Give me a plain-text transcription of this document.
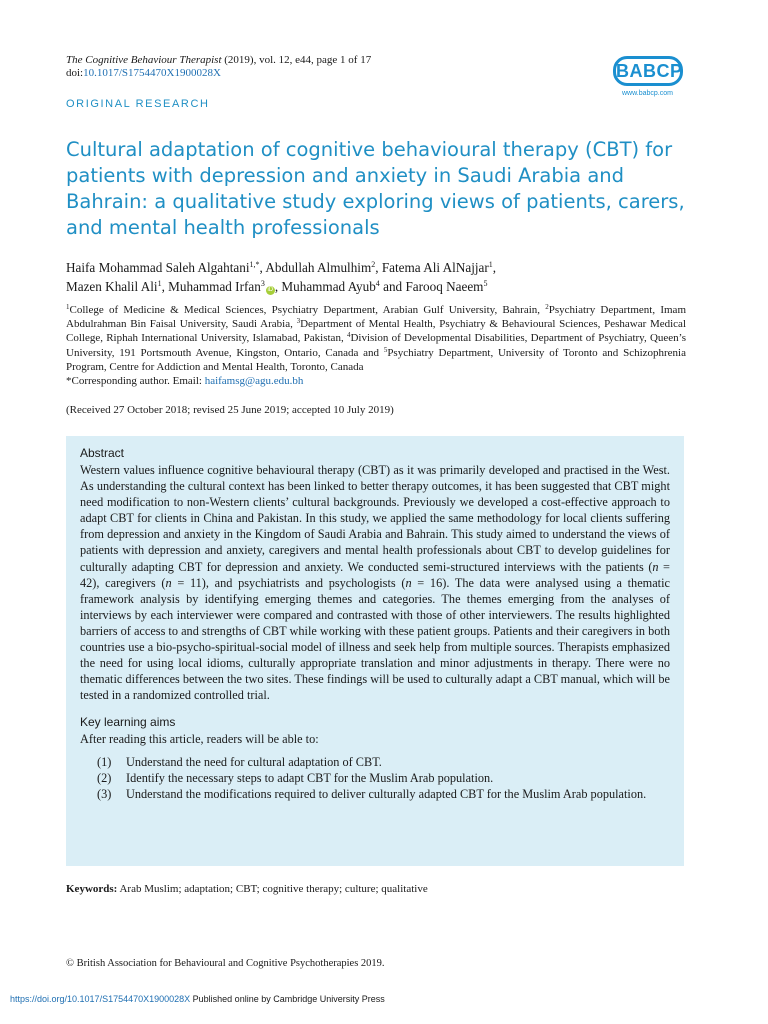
The Cognitive Behaviour Therapist (2019), vol. 12, e44, page 1 of 17
doi:10.1017/S1754470X1900028X	BABCP
www.babcp.com
ORIGINAL RESEARCH
Cultural adaptation of cognitive behavioural therapy (CBT) for patients with depression and anxiety in Saudi Arabia and Bahrain: a qualitative study exploring views of patients, carers, and mental health professionals
Haifa Mohammad Saleh Algahtani$^{1,*}$, Abdullah Almulhim$^2$, Fatema Ali AlNajjar$^1$,
Mazen Khalil Ali$^1$, Muhammad Irfan$^3$iD , Muhammad Ayub$^4$ and Farooq Naeem$^5$
$^1$College of Medicine & Medical Sciences, Psychiatry Department, Arabian Gulf University, Bahrain, $^2$Psychiatry Department, Imam Abdulrahman Bin Faisal University, Saudi Arabia, $^3$Department of Mental Health, Psychiatry & Behavioural Sciences, Peshawar Medical College, Riphah International University, Islamabad, Pakistan, $^4$Division of Developmental Disabilities, Department of Psychiatry, Queen’s University, 191 Portsmouth Avenue, Kingston, Ontario, Canada and $^5$Psychiatry Department, University of Toronto and Schizophrenia Program, Centre for Addiction and Mental Health, Toronto, Canada
*Corresponding author. Email: haifamsg@agu.edu.bh
(Received 27 October 2018; revised 25 June 2019; accepted 10 July 2019)
Abstract

Western values influence cognitive behavioural therapy (CBT) as it was primarily developed and practised in the West. As understanding the cultural context has been linked to better therapy outcomes, it has been suggested that CBT might need modification to non-Western clients’ cultural backgrounds. Previously we developed a cost-effective approach to adapt CBT for clients in China and Pakistan. In this study, we applied the same methodology for local clients suffering from depression and anxiety in the Kingdom of Saudi Arabia and Bahrain. This study aimed to understand the views of patients with depression and anxiety, caregivers and mental health professionals about CBT to develop guidelines for culturally adapting CBT for depression and anxiety. We conducted semi-structured interviews with the patients (n = 42), caregivers (n = 11), and psychiatrists and psychologists (n = 16). The data were analysed using a thematic framework analysis by identifying emerging themes and categories. The themes emerging from the analyses of interviews by each interviewer were compared and contrasted with those of other interviewers. The results highlighted barriers of access to and strengths of CBT while working with these patient groups. Patients and their caregivers in both countries use a bio-psycho-spiritual-social model of illness and seek help from multiple sources. Therapists emphasized the need for using local idioms, culturally appropriate translation and minor adjustments in therapy. There were no thematic differences between the two sites. These findings will be used to culturally adapt a CBT manual, which will be tested in a randomized controlled trial.

Key learning aims

After reading this article, readers will be able to:

(1)	Understand the need for cultural adaptation of CBT.
(2)	Identify the necessary steps to adapt CBT for the Muslim Arab population.
(3)	Understand the modifications required to deliver culturally adapted CBT for the Muslim Arab population.
Keywords: Arab Muslim; adaptation; CBT; cognitive therapy; culture; qualitative
© British Association for Behavioural and Cognitive Psychotherapies 2019.
https://doi.org/10.1017/S1754470X1900028X Published online by Cambridge University Press
